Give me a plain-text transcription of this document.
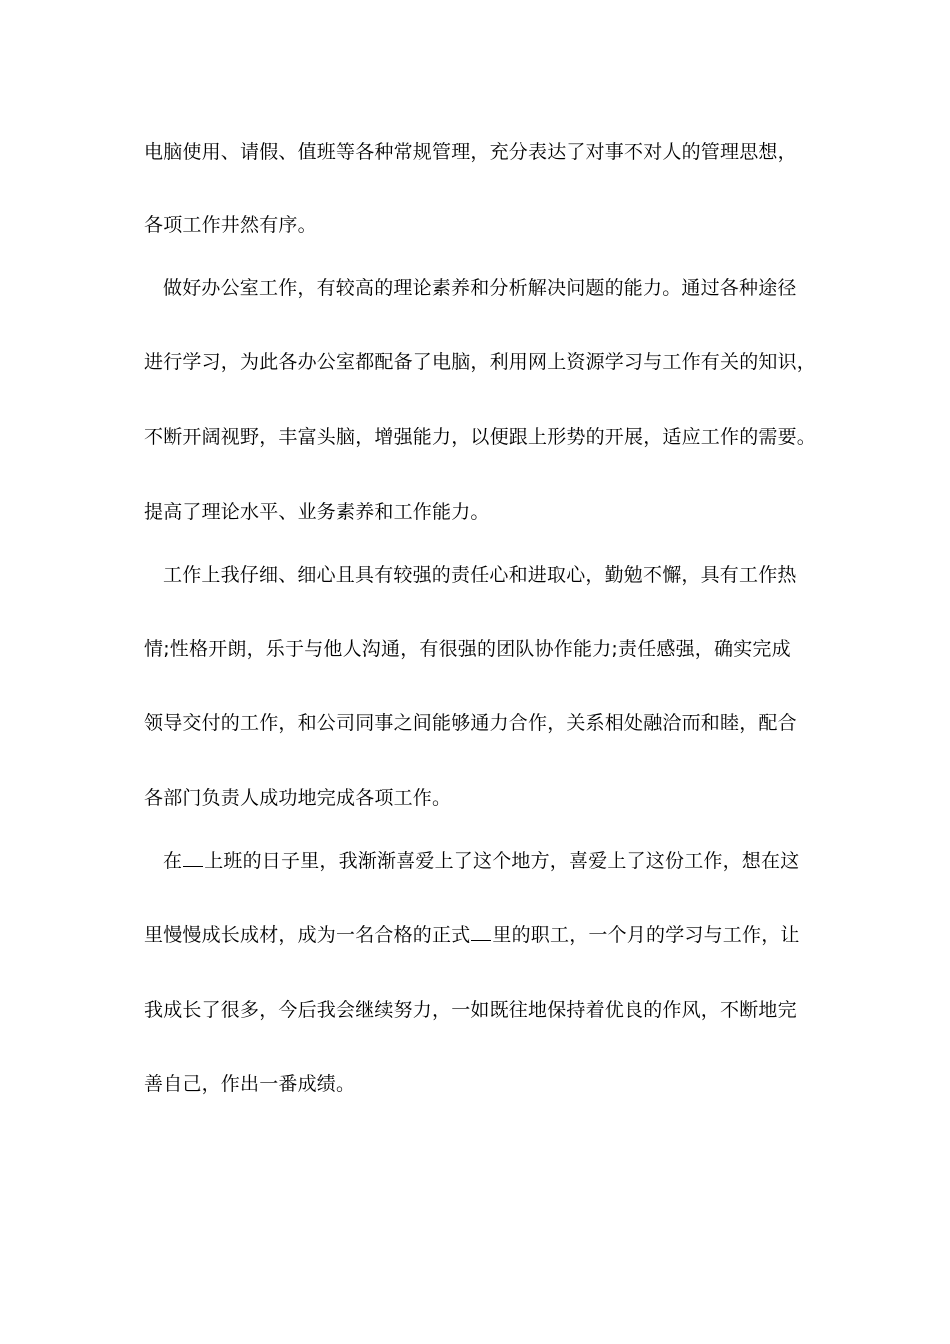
电脑使用、请假、值班等各种常规管理，充分表达了对事不对人的管理思想，
各项工作井然有序。
做好办公室工作，有较高的理论素养和分析解决问题的能力。通过各种途径
进行学习，为此各办公室都配备了电脑，利用网上资源学习与工作有关的知识，
不断开阔视野，丰富头脑，增强能力，以便跟上形势的开展，适应工作的需要。
提高了理论水平、业务素养和工作能力。
工作上我仔细、细心且具有较强的责任心和进取心，勤勉不懈，具有工作热
情;性格开朗，乐于与他人沟通，有很强的团队协作能力;责任感强，确实完成
领导交付的工作，和公司同事之间能够通力合作，关系相处融洽而和睦，配合
各部门负责人成功地完成各项工作。
在 上班的日子里，我渐渐喜爱上了这个地方，喜爱上了这份工作，想在这
里慢慢成长成材，成为一名合格的正式 里的职工，一个月的学习与工作，让
我成长了很多，今后我会继续努力，一如既往地保持着优良的作风，不断地完
善自己，作出一番成绩。
